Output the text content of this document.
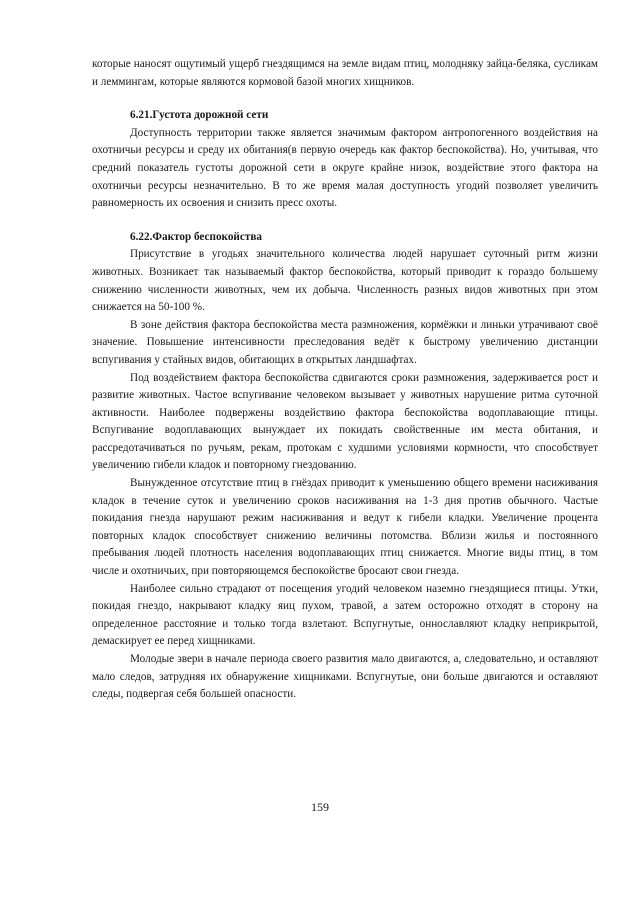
которые наносят ощутимый ущерб гнездящимся на земле видам птиц, молодняку зайца-беляка, сусликам и леммингам, которые являются кормовой базой многих хищников.

6.21.Густота дорожной сети

Доступность территории также является значимым фактором антропогенного воздействия на охотничьи ресурсы и среду их обитания(в первую очередь как фактор беспокойства). Но, учитывая, что средний показатель густоты дорожной сети в округе крайне низок, воздействие этого фактора на охотничьи ресурсы незначительно. В то же время малая доступность угодий позволяет увеличить равномерность их освоения и снизить пресс охоты.

6.22.Фактор беспокойства

Присутствие в угодьях значительного количества людей нарушает суточный ритм жизни животных. Возникает так называемый фактор беспокойства, который приводит к гораздо большему снижению численности животных, чем их добыча. Численность разных видов животных при этом снижается на 50-100 %.

В зоне действия фактора беспокойства места размножения, кормёжки и линьки утрачивают своё значение. Повышение интенсивности преследования ведёт к быстрому увеличению дистанции вспугивания у стайных видов, обитающих в открытых ландшафтах.

Под воздействием фактора беспокойства сдвигаются сроки размножения, задерживается рост и развитие животных. Частое вспугивание человеком вызывает у животных нарушение ритма суточной активности. Наиболее подвержены воздействию фактора беспокойства водоплавающие птицы. Вспугивание водоплавающих вынуждает их покидать свойственные им места обитания, и рассредотачиваться по ручьям, рекам, протокам с худшими условиями кормности, что способствует увеличению гибели кладок и повторному гнездованию.

Вынужденное отсутствие птиц в гнёздах приводит к уменьшению общего времени насиживания кладок в течение суток и увеличению сроков насиживания на 1-3 дня против обычного. Частые покидания гнезда нарушают режим насиживания и ведут к гибели кладки. Увеличение процента повторных кладок способствует снижению величины потомства. Вблизи жилья и постоянного пребывания людей плотность населения водоплавающих птиц снижается. Многие виды птиц, в том числе и охотничьих, при повторяющемся беспокойстве бросают свои гнезда.

Наиболее сильно страдают от посещения угодий человеком наземно гнездящиеся птицы. Утки, покидая гнездо, накрывают кладку яиц пухом, травой, а затем осторожно отходят в сторону на определенное расстояние и только тогда взлетают. Вспугнутые, оннославляют кладку неприкрытой, демаскирует ее перед хищниками.

Молодые звери в начале периода своего развития мало двигаются, а, следовательно, и оставляют мало следов, затрудняя их обнаружение хищниками. Вспугнутые, они больше двигаются и оставляют следы, подвергая себя большей опасности.

159
